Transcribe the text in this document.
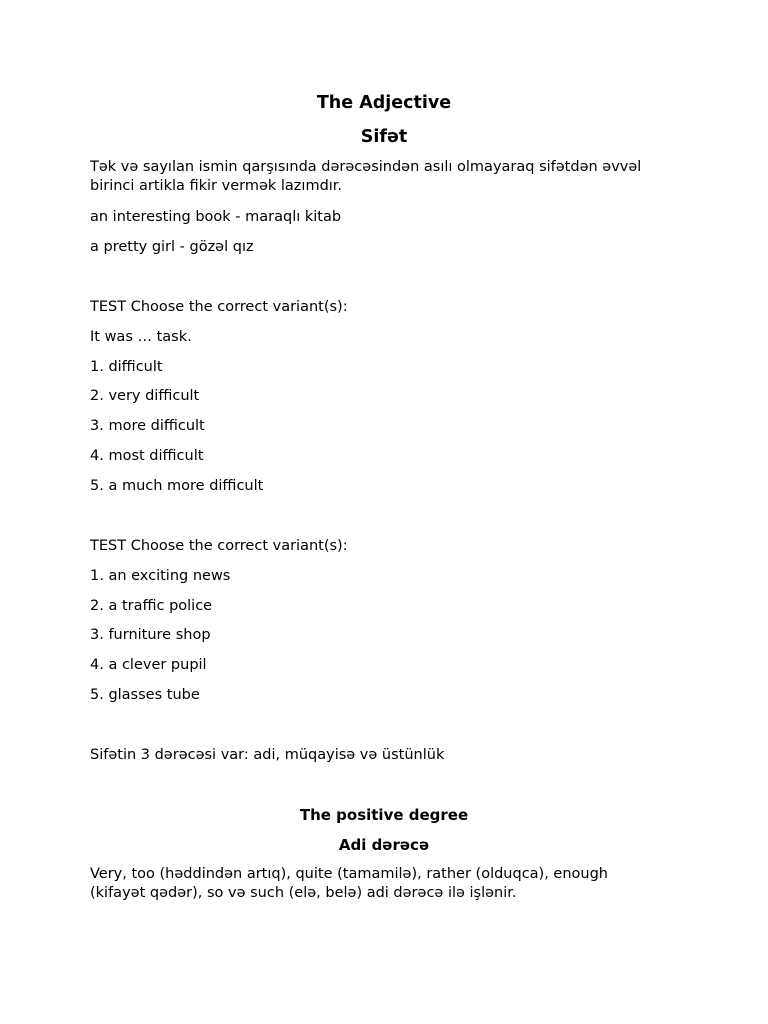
The Adjective
Sifət
Tək və sayılan ismin qarşısında dərəcəsindən asılı olmayaraq sifətdən əvvəl
birinci artikla fikir vermək lazımdır.
an interesting book - maraqlı kitab
a pretty girl - gözəl qız
TEST Choose the correct variant(s):
It was … task.
1. difficult
2. very difficult
3. more difficult
4. most difficult
5. a much more difficult
TEST Choose the correct variant(s):
1. an exciting news
2. a traffic police
3. furniture shop
4. a clever pupil
5. glasses tube
Sifətin 3 dərəcəsi var: adi, müqayisə və üstünlük
The positive degree
Adi dərəcə
Very, too (həddindən artıq), quite (tamamilə), rather (olduqca), enough
(kifayət qədər), so və such (elə, belə) adi dərəcə ilə işlənir.
